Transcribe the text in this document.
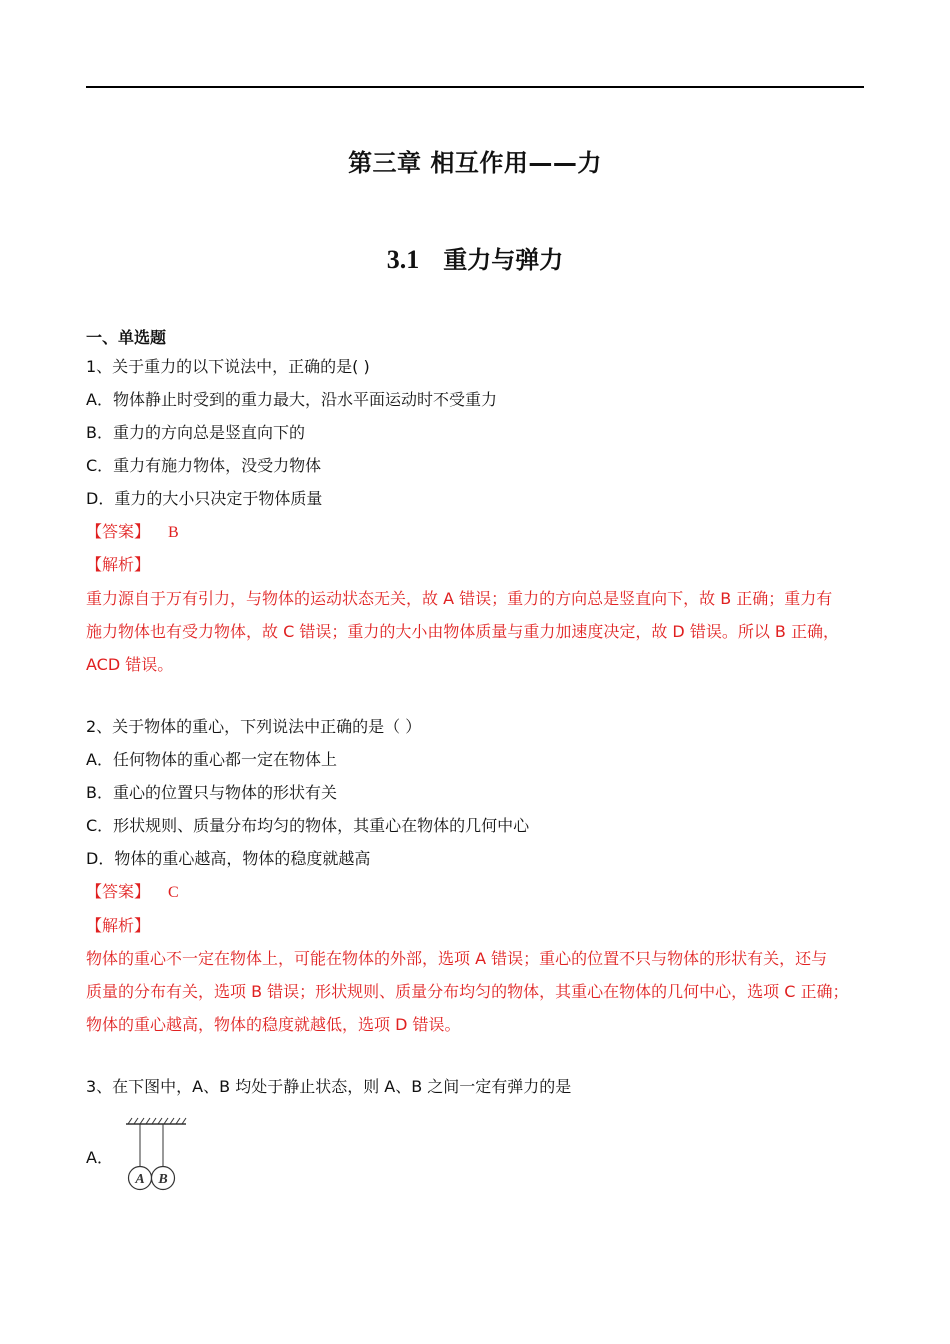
第三章 相互作用——力
3.1 重力与弹力
一、单选题
1、关于重力的以下说法中，正确的是( )
A．物体静止时受到的重力最大，沿水平面运动时不受重力
B．重力的方向总是竖直向下的
C．重力有施力物体，没受力物体
D．重力的大小只决定于物体质量
【答案】 B
【解析】
重力源自于万有引力，与物体的运动状态无关，故 A 错误；重力的方向总是竖直向下，故 B 正确；重力有
施力物体也有受力物体，故 C 错误；重力的大小由物体质量与重力加速度决定，故 D 错误。所以 B 正确，
ACD 错误。
2、关于物体的重心，下列说法中正确的是（ ）
A．任何物体的重心都一定在物体上
B．重心的位置只与物体的形状有关
C．形状规则、质量分布均匀的物体，其重心在物体的几何中心
D．物体的重心越高，物体的稳度就越高
【答案】 C
【解析】
物体的重心不一定在物体上，可能在物体的外部，选项 A 错误；重心的位置不只与物体的形状有关，还与
质量的分布有关，选项 B 错误；形状规则、质量分布均匀的物体，其重心在物体的几何中心，选项 C 正确；
物体的重心越高，物体的稳度就越低，选项 D 错误。
3、在下图中，A、B 均处于静止状态，则 A、B 之间一定有弹力的是
A．
A B
